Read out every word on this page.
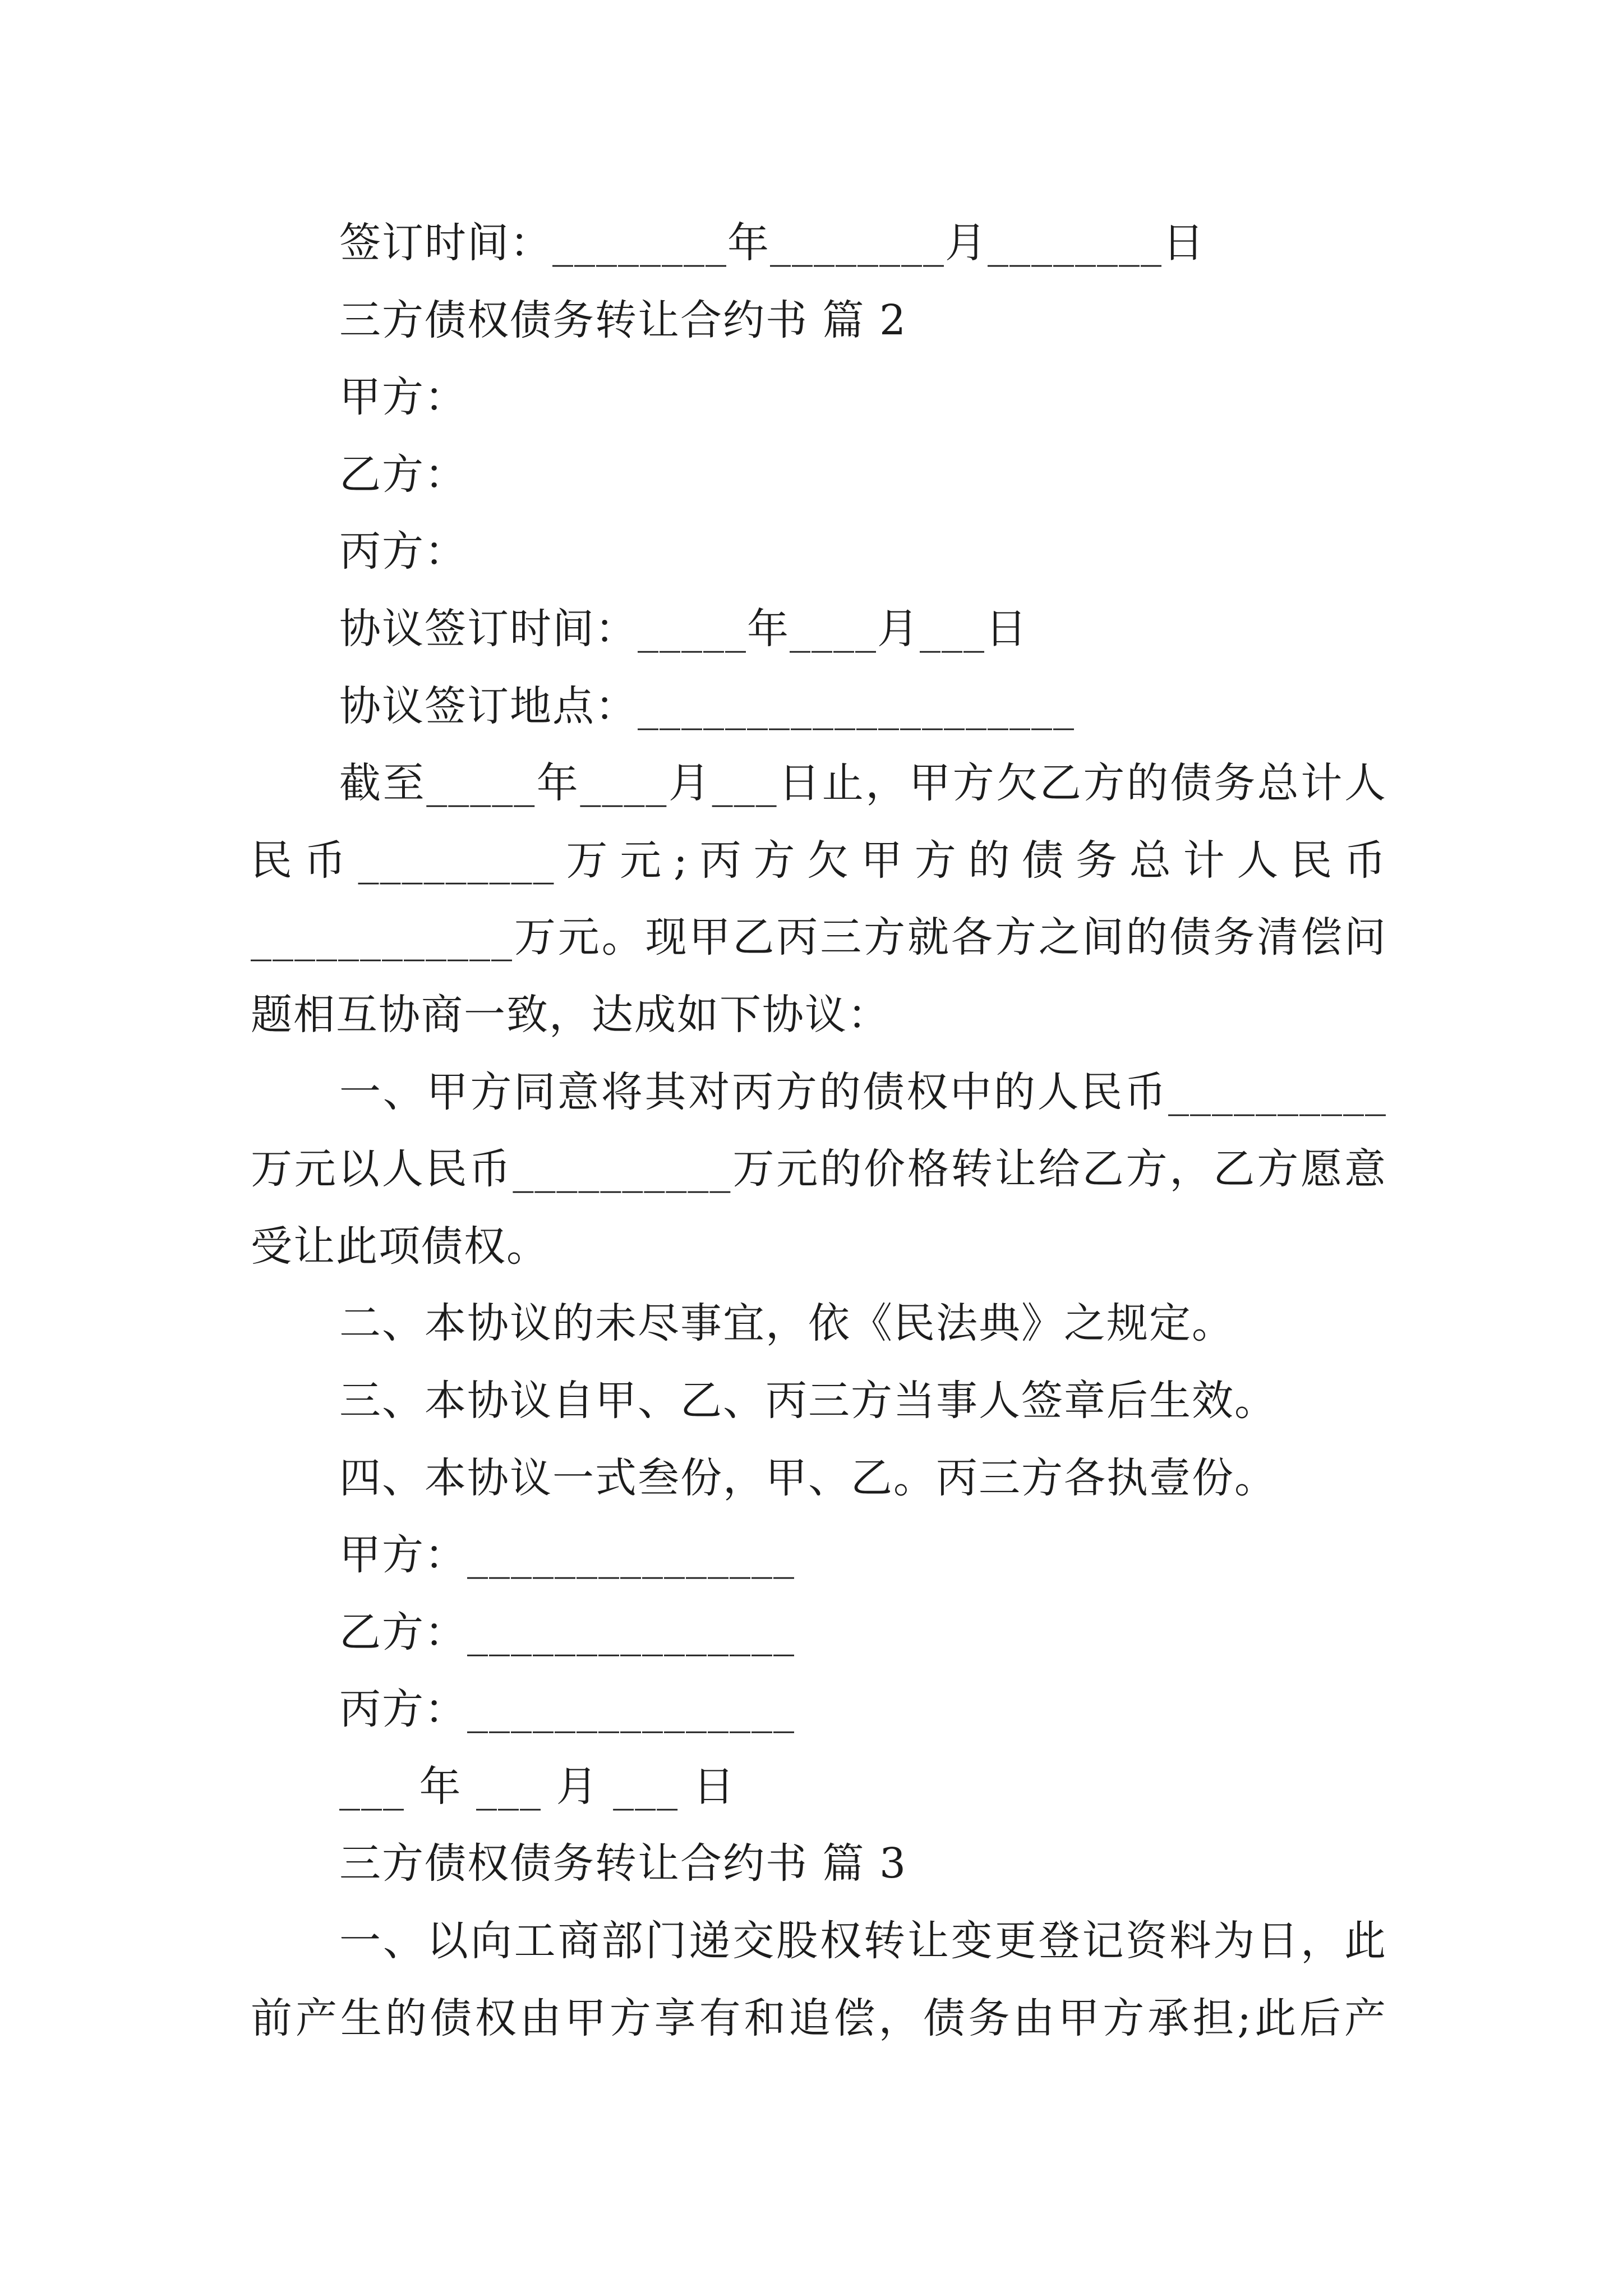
签订时间：________年________月________日
三方债权债务转让合约书 篇 2
甲方：
乙方：
丙方：
协议签订时间：_____年____月___日
协议签订地点：____________________
截至_____年____月___日止，甲方欠乙方的债务总计人
民币_________万元;丙方欠甲方的债务总计人民币
____________万元。现甲乙丙三方就各方之间的债务清偿问
题相互协商一致，达成如下协议：
一、甲方同意将其对丙方的债权中的人民币__________
万元以人民币__________万元的价格转让给乙方，乙方愿意
受让此项债权。
二、本协议的未尽事宜，依《民法典》之规定。
三、本协议自甲、乙、丙三方当事人签章后生效。
四、本协议一式叁份，甲、乙。丙三方各执壹份。
甲方：_______________
乙方：_______________
丙方：_______________
___ 年 ___ 月 ___ 日
三方债权债务转让合约书 篇 3
一、以向工商部门递交股权转让变更登记资料为日，此
前产生的债权由甲方享有和追偿，债务由甲方承担;此后产
